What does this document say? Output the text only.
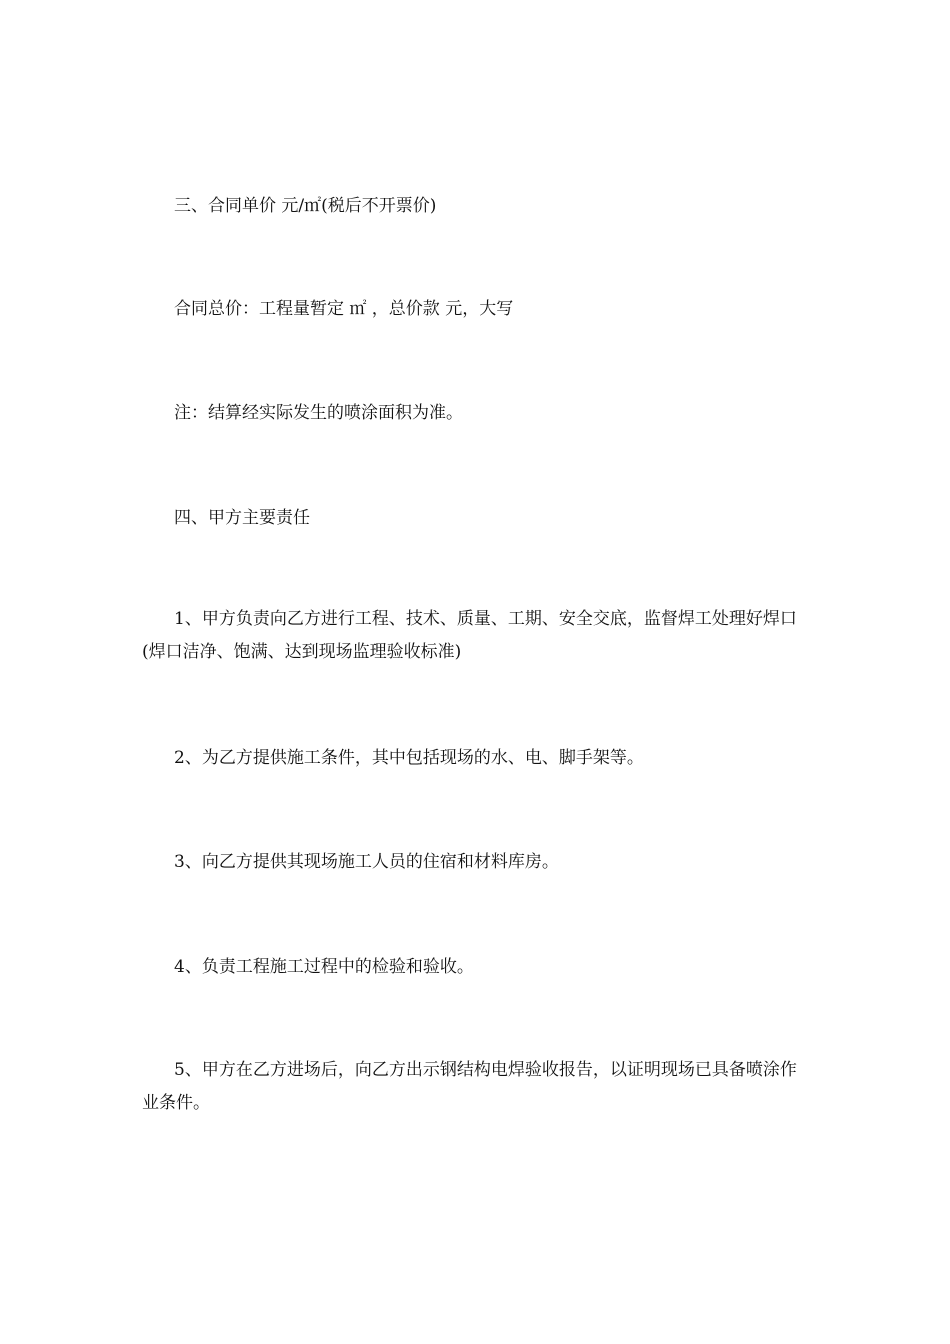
三、合同单价 元/㎡(税后不开票价)

合同总价：工程量暂定 ㎡ ，总价款 元，大写

注：结算经实际发生的喷涂面积为准。

四、甲方主要责任

1、甲方负责向乙方进行工程、技术、质量、工期、安全交底，监督焊工处理好焊口(焊口洁净、饱满、达到现场监理验收标准)

2、为乙方提供施工条件，其中包括现场的水、电、脚手架等。

3、向乙方提供其现场施工人员的住宿和材料库房。

4、负责工程施工过程中的检验和验收。

5、甲方在乙方进场后，向乙方出示钢结构电焊验收报告，以证明现场已具备喷涂作业条件。
